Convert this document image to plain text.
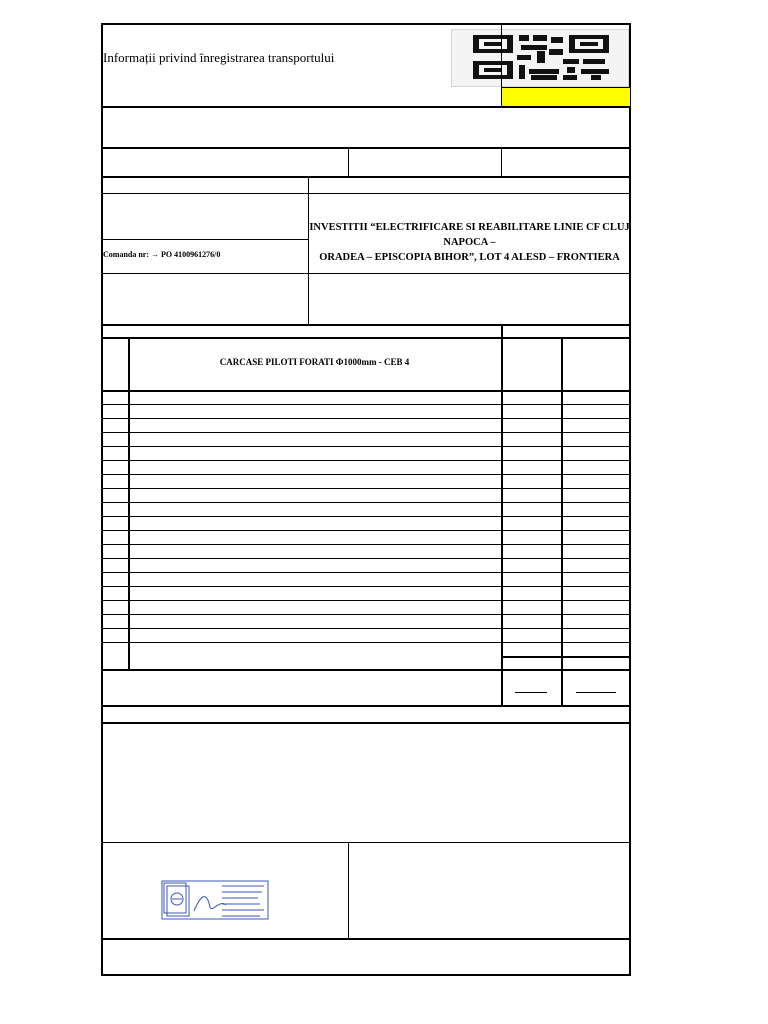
Informații privind înregistrarea transportului
Comanda nr: → PO 4100961276/0
INVESTITII “ELECTRIFICARE SI REABILITARE LINIE CF CLUJ
NAPOCA –
ORADEA – EPISCOPIA BIHOR”, LOT 4 ALESD – FRONTIERA
CARCASE PILOTI FORATI Ф1000mm - CEB 4
